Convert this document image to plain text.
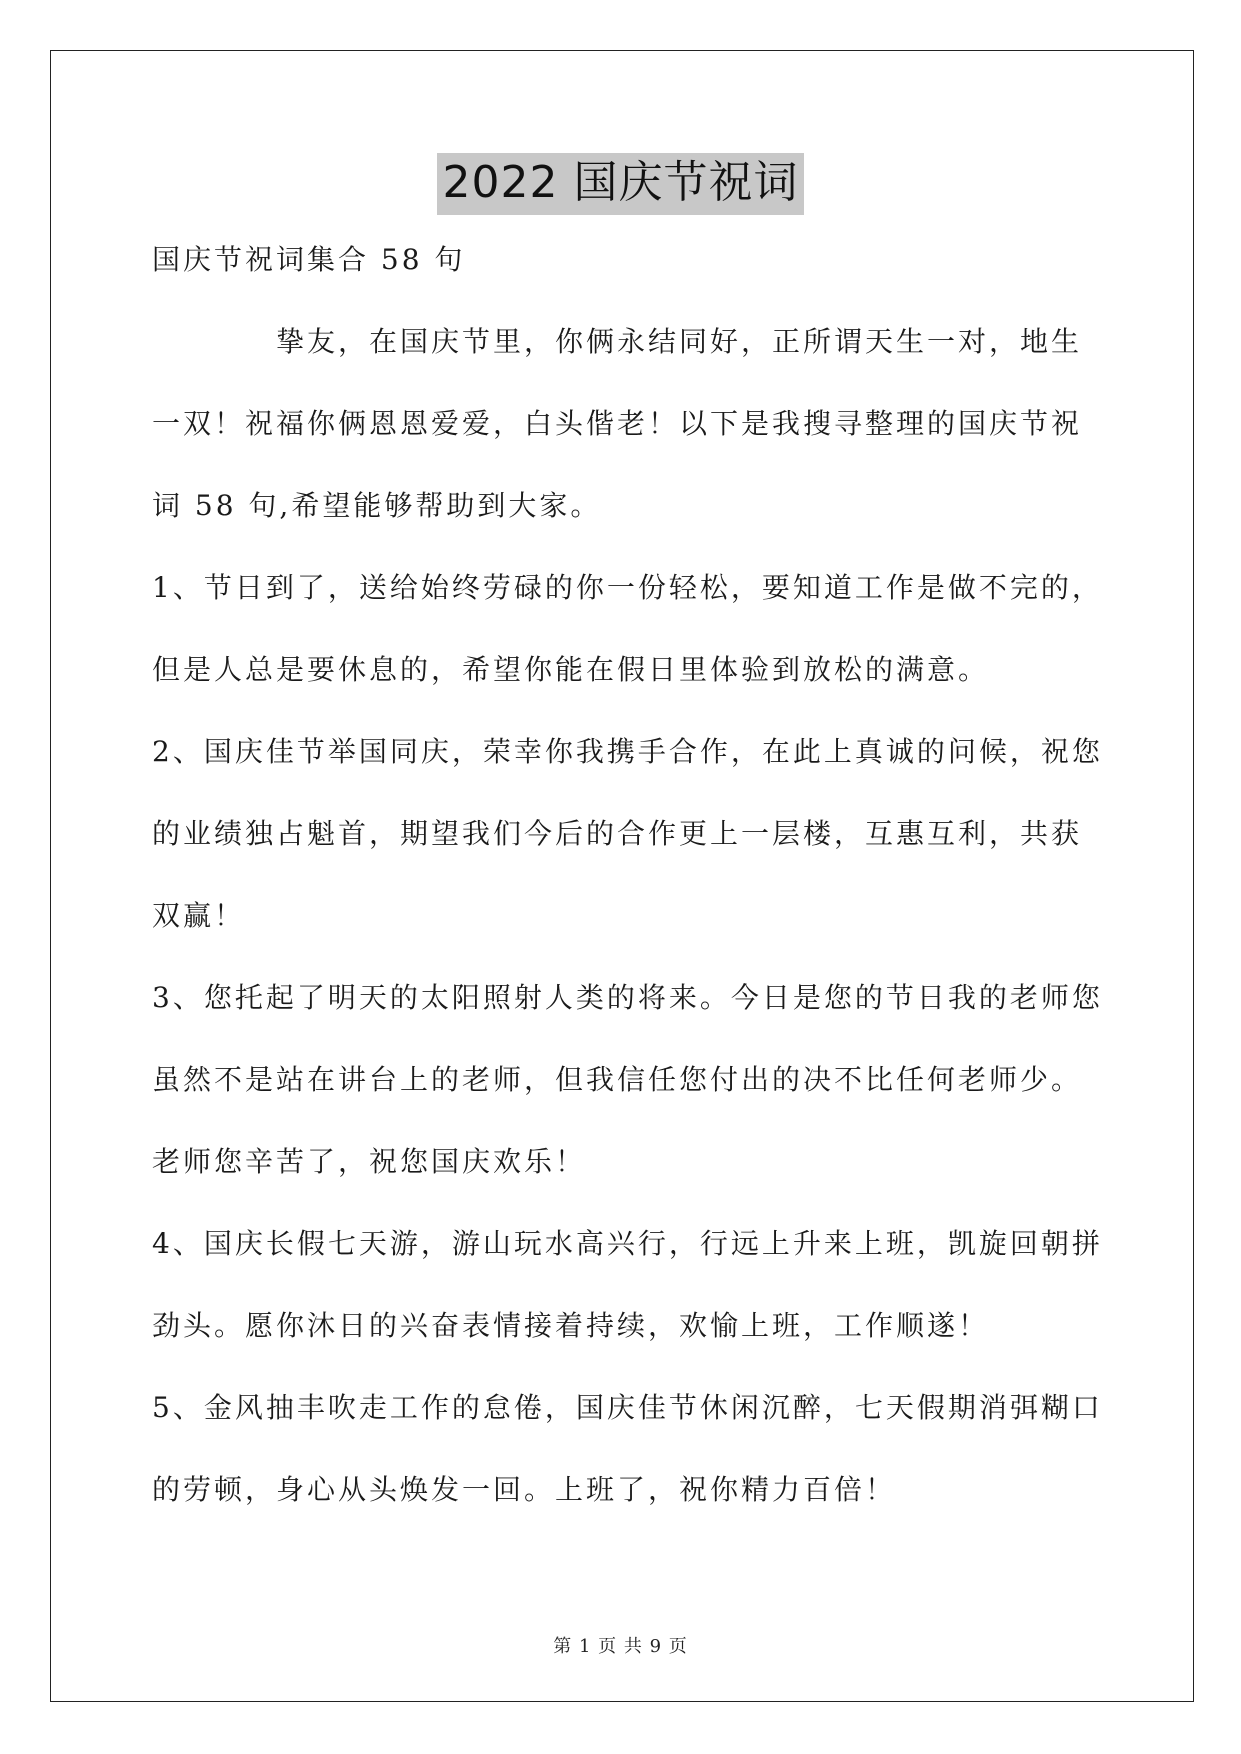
2022 国庆节祝词
国庆节祝词集合 58 句
挚友，在国庆节里，你俩永结同好，正所谓天生一对，地生
一双！祝福你俩恩恩爱爱，白头偕老！以下是我搜寻整理的国庆节祝
词 58 句,希望能够帮助到大家。
1、节日到了，送给始终劳碌的你一份轻松，要知道工作是做不完的，
但是人总是要休息的，希望你能在假日里体验到放松的满意。
2、国庆佳节举国同庆，荣幸你我携手合作，在此上真诚的问候，祝您
的业绩独占魁首，期望我们今后的合作更上一层楼，互惠互利，共获
双赢！
3、您托起了明天的太阳照射人类的将来。今日是您的节日我的老师您
虽然不是站在讲台上的老师，但我信任您付出的决不比任何老师少。
老师您辛苦了，祝您国庆欢乐！
4、国庆长假七天游，游山玩水高兴行，行远上升来上班，凯旋回朝拼
劲头。愿你沐日的兴奋表情接着持续，欢愉上班，工作顺遂！
5、金风抽丰吹走工作的怠倦，国庆佳节休闲沉醉，七天假期消弭糊口
的劳顿，身心从头焕发一回。上班了，祝你精力百倍！
第 1 页 共 9 页
